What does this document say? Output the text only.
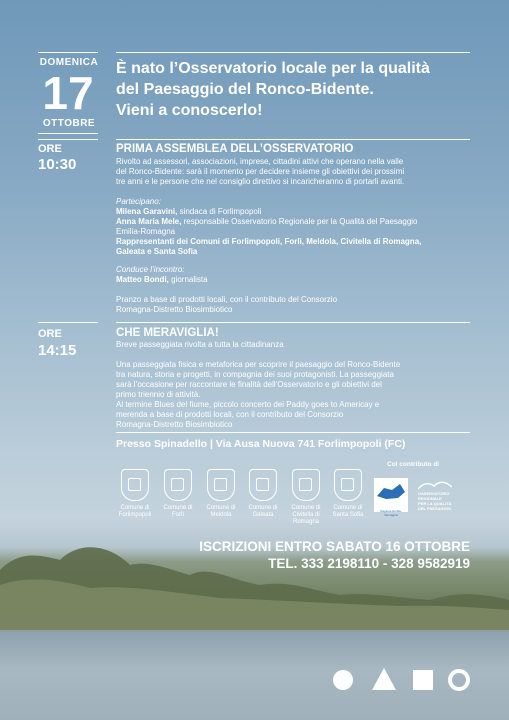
DOMENICA
17
OTTOBRE
È nato l’Osservatorio locale per la qualità
del Paesaggio del Ronco-Bidente.
Vieni a conoscerlo!
ORE
10:30
PRIMA ASSEMBLEA DELL’OSSERVATORIO
Rivolto ad assessori, associazioni, imprese, cittadini attivi che operano nella valle
del Ronco-Bidente: sarà il momento per decidere insieme gli obiettivi dei prossimi
tre anni e le persone che nel consiglio direttivo si incaricheranno di portarli avanti.
Partecipano:
Milena Garavini, sindaca di Forlimpopoli
Anna Maria Mele, responsabile Osservatorio Regionale per la Qualità del Paesaggio
Emilia-Romagna
Rappresentanti dei Comuni di Forlimpopoli, Forlì, Meldola, Civitella di Romagna,
Galeata e Santa Sofia
Conduce l’incontro:
Matteo Bondi, giornalista
Pranzo a base di prodotti locali, con il contributo del Consorzio
Romagna-Distretto Biosimbiotico
ORE
14:15
CHE MERAVIGLIA!
Breve passeggiata rivolta a tutta la cittadinanza
Una passeggiata fisica e metaforica per scoprire il paesaggio del Ronco-Bidente
tra natura, storia e progetti, in compagnia dei suoi protagonisti. La passeggiata
sarà l’occasione per raccontare le finalità dell’Osservatorio e gli obiettivi del
primo triennio di attività.
Al termine Blues del fiume, piccolo concerto dei Paddy goes to Americay e
merenda a base di prodotti locali, con il contributo del Consorzio
Romagna-Distretto Biosimbiotico
Presso Spinadello | Via Ausa Nuova 741 Forlimpopoli (FC)
Comune di
Forlimpopoli
Comune di
Forlì
Comune di
Meldola
Comune di
Galeata
Comune di
Civitella di Romagna
Comune di
Santa Sofia
Col contributo di
Regione Emilia-Romagna
OSSERVATORIO
REGIONALE
PER LA QUALITÀ
DEL PAESAGGIO
ISCRIZIONI ENTRO SABATO 16 OTTOBRE
TEL. 333 2198110 - 328 9582919
